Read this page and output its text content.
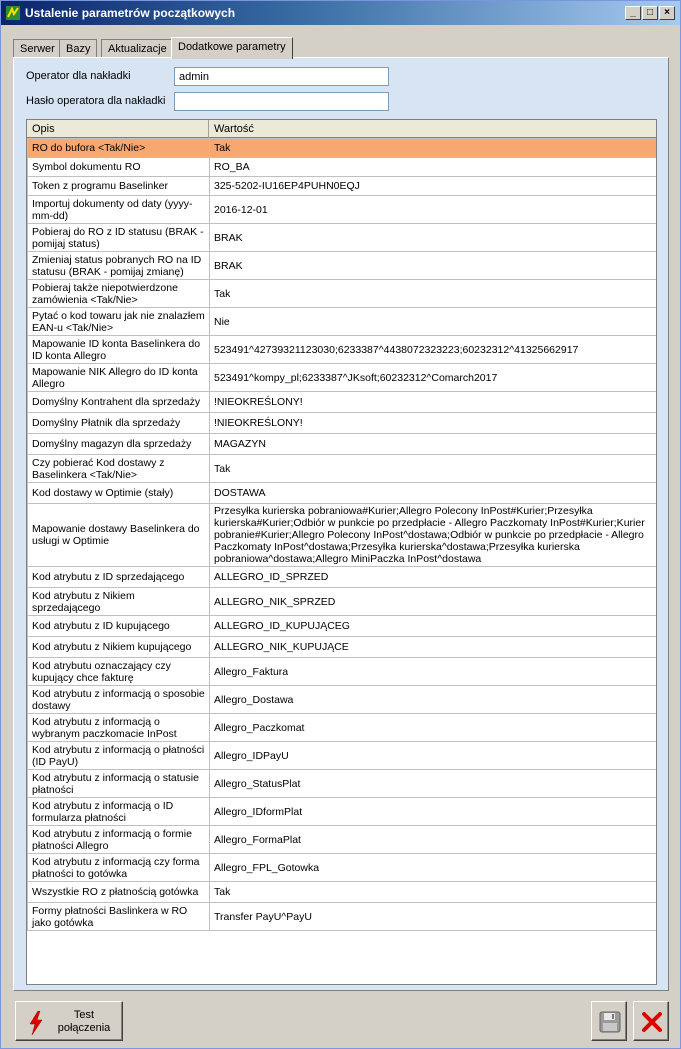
Ustalenie parametrów początkowych	_	□	×
Serwer	Bazy	Aktualizacje	Dodatkowe parametry
Operator dla nakładki
admin
Hasło operatora dla nakładki
Opis	Wartość
RO do bufora <Tak/Nie>	Tak
Symbol dokumentu RO	RO_BA
Token z programu Baselinker	325-5202-IU16EP4PUHN0EQJ
Importuj dokumenty od daty (yyyy-mm-dd)	2016-12-01
Pobieraj do RO z ID statusu (BRAK - pomijaj status)	BRAK
Zmieniaj status pobranych RO na ID statusu (BRAK - pomijaj zmianę)	BRAK
Pobieraj także niepotwierdzone zamówienia <Tak/Nie>	Tak
Pytać o kod towaru jak nie znalazłem EAN-u <Tak/Nie>	Nie
Mapowanie ID konta Baselinkera do ID konta Allegro	523491^42739321123030;6233387^4438072323223;60232312^41325662917
Mapowanie NIK Allegro do ID konta Allegro	523491^kompy_pl;6233387^JKsoft;60232312^Comarch2017
Domyślny Kontrahent dla sprzedaży	!NIEOKREŚLONY!
Domyślny Płatnik dla sprzedaży	!NIEOKREŚLONY!
Domyślny magazyn dla sprzedaży	MAGAZYN
Czy pobierać Kod dostawy z Baselinkera <Tak/Nie>	Tak
Kod dostawy w Optimie (stały)	DOSTAWA
Mapowanie dostawy Baselinkera do usługi w Optimie	Przesyłka kurierska pobraniowa#Kurier;Allegro Polecony InPost#Kurier;Przesyłka kurierska#Kurier;Odbiór w punkcie po przedpłacie - Allegro Paczkomaty InPost#Kurier;Kurier pobranie#Kurier;Allegro Polecony InPost^dostawa;Odbiór w punkcie po przedpłacie - Allegro Paczkomaty InPost^dostawa;Przesyłka kurierska^dostawa;Przesyłka kurierska pobraniowa^dostawa;Allegro MiniPaczka InPost^dostawa
Kod atrybutu z ID sprzedającego	ALLEGRO_ID_SPRZED
Kod atrybutu z Nikiem sprzedającego	ALLEGRO_NIK_SPRZED
Kod atrybutu z ID kupującego	ALLEGRO_ID_KUPUJĄCEG
Kod atrybutu z Nikiem kupującego	ALLEGRO_NIK_KUPUJĄCE
Kod atrybutu oznaczający czy kupujący chce fakturę	Allegro_Faktura
Kod atrybutu z informacją o sposobie dostawy	Allegro_Dostawa
Kod atrybutu z informacją o wybranym paczkomacie InPost	Allegro_Paczkomat
Kod atrybutu z informacją o płatności (ID PayU)	Allegro_IDPayU
Kod atrybutu z informacją o statusie płatności	Allegro_StatusPlat
Kod atrybutu z informacją o ID formularza płatności	Allegro_IDformPlat
Kod atrybutu z informacją o formie płatności Allegro	Allegro_FormaPlat
Kod atrybutu z informacją czy forma płatności to gotówka	Allegro_FPL_Gotowka
Wszystkie RO z płatnością gotówka	Tak
Formy płatności Baslinkera w RO jako gotówka	Transfer PayU^PayU
Test
połączenia
